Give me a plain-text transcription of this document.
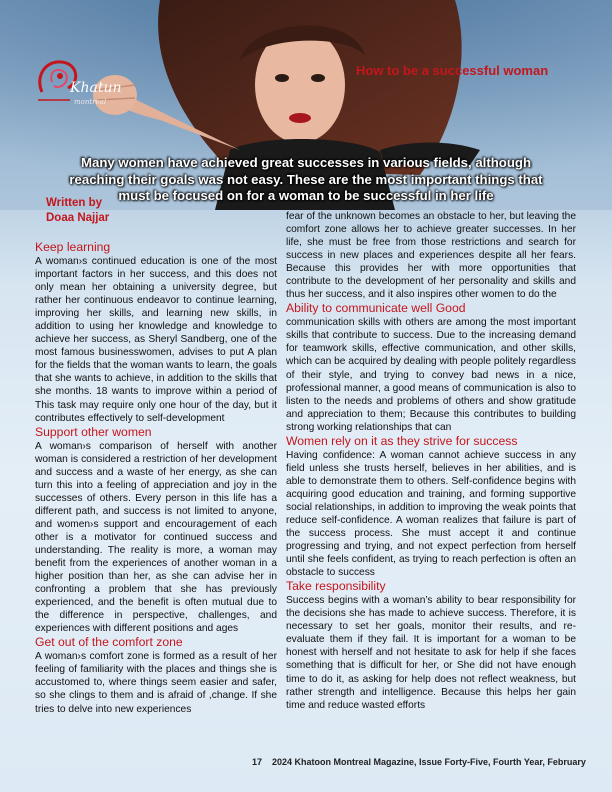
Khatun
montreal
How to be a successful woman
Many women have achieved great successes in various fields, although reaching their goals was not easy. These are the most important things that must be focused on for a woman to be successful in her life
Written by
Doaa Najjar
Keep learning

A woman›s continued education is one of the most important factors in her success, and this does not only mean her obtaining a university degree, but rather her continuous endeavor to continue learning, improving her skills, and learning new skills, in addition to using her knowledge and knowledge to achieve her success, as Sheryl Sandberg, one of the most famous businesswomen, advises to put A plan for the fields that the woman wants to learn, the goals that she wants to achieve, in addition to the skills that she months. 18 wants to improve within a period of This task may require only one hour of the day, but it contributes effectively to self-development

Support other women

A woman›s comparison of herself with another woman is considered a restriction of her development and success and a waste of her energy, as she can turn this into a feeling of appreciation and joy in the successes of others. Every person in this life has a different path, and success is not limited to anyone, and women›s support and encouragement of each other is a motivator for continued success and understanding. The reality is more, a woman may benefit from the experiences of another woman in a higher position than her, as she can advise her in confronting a problem that she has previously experienced, and the benefit is often mutual due to the difference in perspective, challenges, and experiences with different positions and ages

Get out of the comfort zone

A woman›s comfort zone is formed as a result of her feeling of familiarity with the places and things she is accustomed to, where things seem easier and safer, so she clings to them and is afraid of ,change. If she tries to delve into new experiences

fear of the unknown becomes an obstacle to her, but leaving the comfort zone allows her to achieve greater successes. In her life, she must be free from those restrictions and search for success in new places and experiences despite all her fears. Because this provides her with more opportunities that contribute to the development of her personality and skills and thus her success, and it also inspires other women to do the

Ability to communicate well Good

communication skills with others are among the most important skills that contribute to success. Due to the increasing demand for teamwork skills, effective communication, and other skills, which can be acquired by dealing with people politely regardless of their style, and trying to convey bad news in a nice, professional manner, a good means of communication is also to listen to the needs and problems of others and show gratitude and appreciation to them; Because this contributes to building strong working relationships that can

Women rely on it as they strive for success

Having confidence: A woman cannot achieve success in any field unless she trusts herself, believes in her abilities, and is able to demonstrate them to others. Self-confidence begins with acquiring good education and training, and forming supportive social relationships, in addition to improving the weak points that reduce self-confidence. A woman realizes that failure is part of the success process. She must accept it and continue progressing and trying, and not expect perfection from herself until she feels confident, as trying to reach perfection is often an obstacle to success

Take responsibility

Success begins with a woman’s ability to bear responsibility for the decisions she has made to achieve success. Therefore, it is necessary to set her goals, monitor their results, and re-evaluate them if they fail. It is important for a woman to be honest with herself and not hesitate to ask for help if she faces something that is difficult for her, or She did not have enough time to do it, as asking for help does not reflect weakness, but rather strength and intelligence. Because this helps her gain time and reduce wasted efforts

17 2024 Khatoon Montreal Magazine, Issue Forty-Five, Fourth Year, February
